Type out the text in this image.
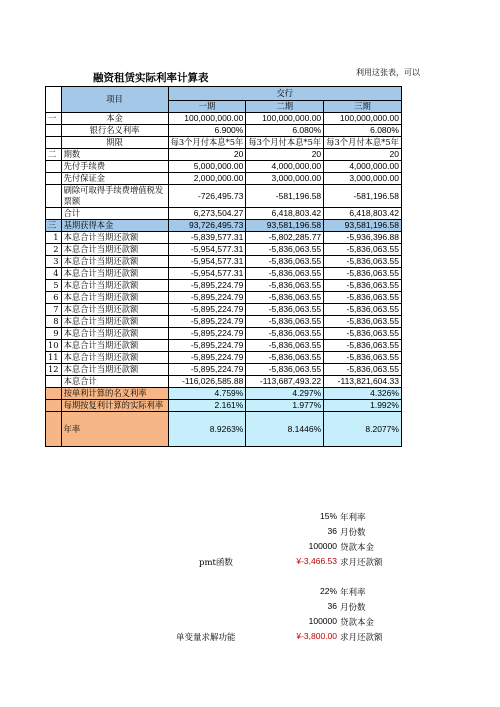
融资租赁实际利率计算表	利用这张表，可以
	项目	交行		
		一期	二期	三期
一	本金	100,000,000.00	100,000,000.00	100,000,000.00
	银行名义利率	6.900%	6.080%	6.080%
	期限	每3个月付本息*5年	每3个月付本息*5年	每3个月付本息*5年
二	期数	20	20	20
	先付手续费	5,000,000.00	4,000,000.00	4,000,000.00
	先付保证金	2,000,000.00	3,000,000.00	3,000,000.00
	刷除可取得手续费增值税发票额	-726,495.73	-581,196.58	-581,196.58
	合计	6,273,504.27	6,418,803.42	6,418,803.42
三	基期获得本金	93,726,495.73	93,581,196.58	93,581,196.58
1	本息合计当期还款额	-5,839,577.31	-5,802,285.77	-5,936,396.88
2	本息合计当期还款额	-5,954,577.31	-5,836,063.55	-5,836,063.55
3	本息合计当期还款额	-5,954,577.31	-5,836,063.55	-5,836,063.55
4	本息合计当期还款额	-5,954,577.31	-5,836,063.55	-5,836,063.55
5	本息合计当期还款额	-5,895,224.79	-5,836,063.55	-5,836,063.55
6	本息合计当期还款额	-5,895,224.79	-5,836,063.55	-5,836,063.55
7	本息合计当期还款额	-5,895,224.79	-5,836,063.55	-5,836,063.55
8	本息合计当期还款额	-5,895,224.79	-5,836,063.55	-5,836,063.55
9	本息合计当期还款额	-5,895,224.79	-5,836,063.55	-5,836,063.55
10	本息合计当期还款额	-5,895,224.79	-5,836,063.55	-5,836,063.55
11	本息合计当期还款额	-5,895,224.79	-5,836,063.55	-5,836,063.55
12	本息合计当期还款额	-5,895,224.79	-5,836,063.55	-5,836,063.55
	本息合计	-116,026,585.88	-113,687,493.22	-113,821,604.33
	按单利计算的名义利率	4.759%	4.297%	4.326%
	每期按复利计算的实际利率	2.161%	1.977%	1.992%
	年率	8.9263%	8.1446%	8.2077%
15% 年利率
36 月份数
100000 贷款本金
pmt函数	¥-3,466.53 求月还款额
22% 年利率
36 月份数
100000 贷款本金
单变量求解功能	¥-3,800.00 求月还款额
